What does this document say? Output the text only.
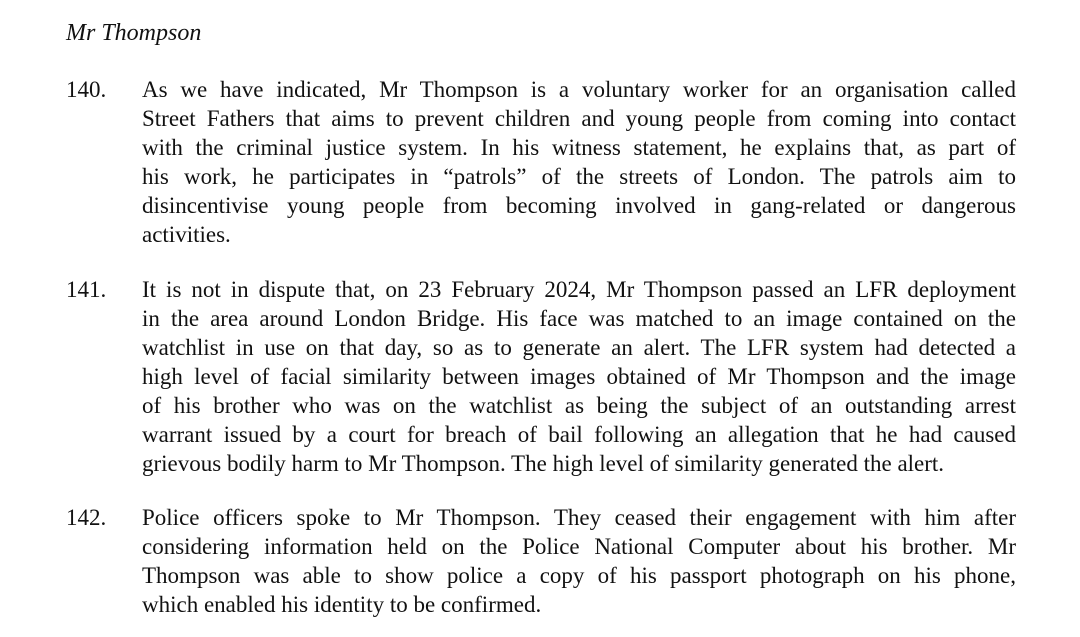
Mr Thompson
140.	As we have indicated, Mr Thompson is a voluntary worker for an organisation called
Street Fathers that aims to prevent children and young people from coming into contact
with the criminal justice system. In his witness statement, he explains that, as part of
his work, he participates in “patrols” of the streets of London. The patrols aim to
disincentivise young people from becoming involved in gang-related or dangerous
activities.
141.	It is not in dispute that, on 23 February 2024, Mr Thompson passed an LFR deployment
in the area around London Bridge. His face was matched to an image contained on the
watchlist in use on that day, so as to generate an alert. The LFR system had detected a
high level of facial similarity between images obtained of Mr Thompson and the image
of his brother who was on the watchlist as being the subject of an outstanding arrest
warrant issued by a court for breach of bail following an allegation that he had caused
grievous bodily harm to Mr Thompson. The high level of similarity generated the alert.
142.	Police officers spoke to Mr Thompson. They ceased their engagement with him after
considering information held on the Police National Computer about his brother. Mr
Thompson was able to show police a copy of his passport photograph on his phone,
which enabled his identity to be confirmed.
